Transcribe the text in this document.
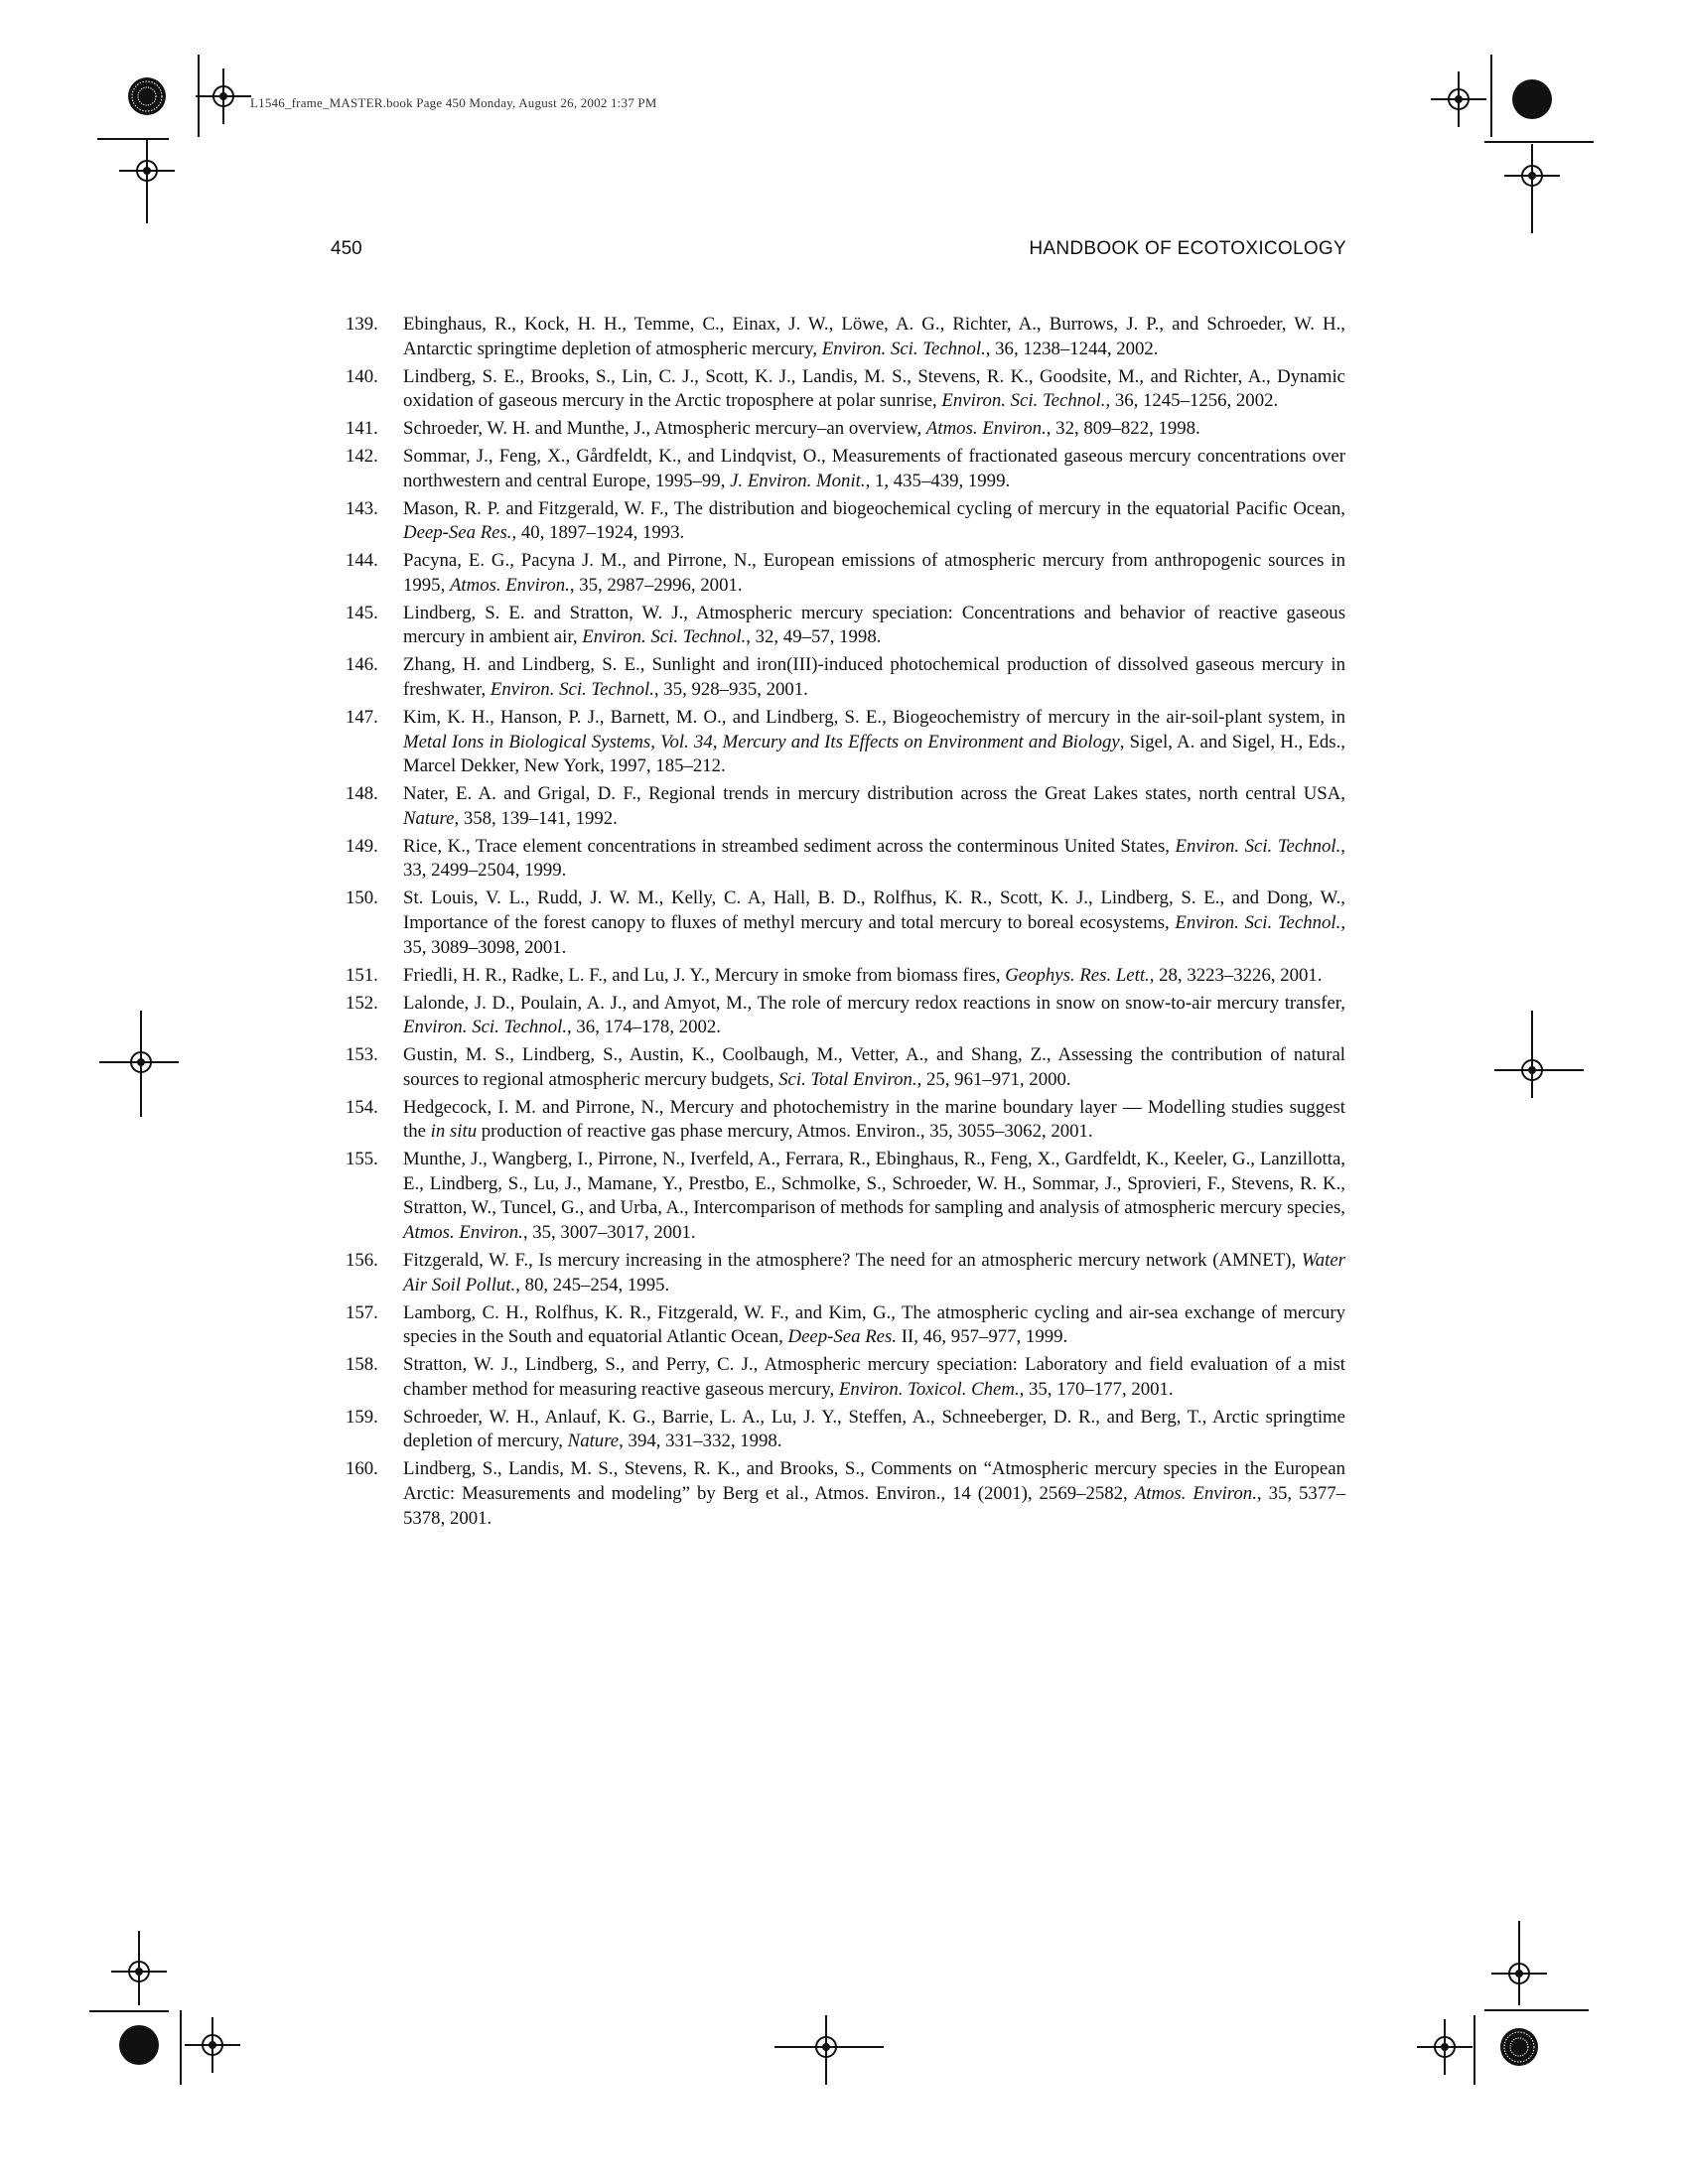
L1546_frame_MASTER.book Page 450 Monday, August 26, 2002 1:37 PM
450	HANDBOOK OF ECOTOXICOLOGY
139. Ebinghaus, R., Kock, H. H., Temme, C., Einax, J. W., Löwe, A. G., Richter, A., Burrows, J. P., and Schroeder, W. H., Antarctic springtime depletion of atmospheric mercury, Environ. Sci. Technol., 36, 1238–1244, 2002.
140. Lindberg, S. E., Brooks, S., Lin, C. J., Scott, K. J., Landis, M. S., Stevens, R. K., Goodsite, M., and Richter, A., Dynamic oxidation of gaseous mercury in the Arctic troposphere at polar sunrise, Environ. Sci. Technol., 36, 1245–1256, 2002.
141. Schroeder, W. H. and Munthe, J., Atmospheric mercury–an overview, Atmos. Environ., 32, 809–822, 1998.
142. Sommar, J., Feng, X., Gårdfeldt, K., and Lindqvist, O., Measurements of fractionated gaseous mercury concentrations over northwestern and central Europe, 1995–99, J. Environ. Monit., 1, 435–439, 1999.
143. Mason, R. P. and Fitzgerald, W. F., The distribution and biogeochemical cycling of mercury in the equatorial Pacific Ocean, Deep-Sea Res., 40, 1897–1924, 1993.
144. Pacyna, E. G., Pacyna J. M., and Pirrone, N., European emissions of atmospheric mercury from anthropogenic sources in 1995, Atmos. Environ., 35, 2987–2996, 2001.
145. Lindberg, S. E. and Stratton, W. J., Atmospheric mercury speciation: Concentrations and behavior of reactive gaseous mercury in ambient air, Environ. Sci. Technol., 32, 49–57, 1998.
146. Zhang, H. and Lindberg, S. E., Sunlight and iron(III)-induced photochemical production of dissolved gaseous mercury in freshwater, Environ. Sci. Technol., 35, 928–935, 2001.
147. Kim, K. H., Hanson, P. J., Barnett, M. O., and Lindberg, S. E., Biogeochemistry of mercury in the air-soil-plant system, in Metal Ions in Biological Systems, Vol. 34, Mercury and Its Effects on Environment and Biology, Sigel, A. and Sigel, H., Eds., Marcel Dekker, New York, 1997, 185–212.
148. Nater, E. A. and Grigal, D. F., Regional trends in mercury distribution across the Great Lakes states, north central USA, Nature, 358, 139–141, 1992.
149. Rice, K., Trace element concentrations in streambed sediment across the conterminous United States, Environ. Sci. Technol., 33, 2499–2504, 1999.
150. St. Louis, V. L., Rudd, J. W. M., Kelly, C. A, Hall, B. D., Rolfhus, K. R., Scott, K. J., Lindberg, S. E., and Dong, W., Importance of the forest canopy to fluxes of methyl mercury and total mercury to boreal ecosystems, Environ. Sci. Technol., 35, 3089–3098, 2001.
151. Friedli, H. R., Radke, L. F., and Lu, J. Y., Mercury in smoke from biomass fires, Geophys. Res. Lett., 28, 3223–3226, 2001.
152. Lalonde, J. D., Poulain, A. J., and Amyot, M., The role of mercury redox reactions in snow on snow-to-air mercury transfer, Environ. Sci. Technol., 36, 174–178, 2002.
153. Gustin, M. S., Lindberg, S., Austin, K., Coolbaugh, M., Vetter, A., and Shang, Z., Assessing the contribution of natural sources to regional atmospheric mercury budgets, Sci. Total Environ., 25, 961–971, 2000.
154. Hedgecock, I. M. and Pirrone, N., Mercury and photochemistry in the marine boundary layer — Modelling studies suggest the in situ production of reactive gas phase mercury, Atmos. Environ., 35, 3055–3062, 2001.
155. Munthe, J., Wangberg, I., Pirrone, N., Iverfeld, A., Ferrara, R., Ebinghaus, R., Feng, X., Gardfeldt, K., Keeler, G., Lanzillotta, E., Lindberg, S., Lu, J., Mamane, Y., Prestbo, E., Schmolke, S., Schroeder, W. H., Sommar, J., Sprovieri, F., Stevens, R. K., Stratton, W., Tuncel, G., and Urba, A., Intercomparison of methods for sampling and analysis of atmospheric mercury species, Atmos. Environ., 35, 3007–3017, 2001.
156. Fitzgerald, W. F., Is mercury increasing in the atmosphere? The need for an atmospheric mercury network (AMNET), Water Air Soil Pollut., 80, 245–254, 1995.
157. Lamborg, C. H., Rolfhus, K. R., Fitzgerald, W. F., and Kim, G., The atmospheric cycling and air-sea exchange of mercury species in the South and equatorial Atlantic Ocean, Deep-Sea Res. II, 46, 957–977, 1999.
158. Stratton, W. J., Lindberg, S., and Perry, C. J., Atmospheric mercury speciation: Laboratory and field evaluation of a mist chamber method for measuring reactive gaseous mercury, Environ. Toxicol. Chem., 35, 170–177, 2001.
159. Schroeder, W. H., Anlauf, K. G., Barrie, L. A., Lu, J. Y., Steffen, A., Schneeberger, D. R., and Berg, T., Arctic springtime depletion of mercury, Nature, 394, 331–332, 1998.
160. Lindberg, S., Landis, M. S., Stevens, R. K., and Brooks, S., Comments on “Atmospheric mercury species in the European Arctic: Measurements and modeling” by Berg et al., Atmos. Environ., 14 (2001), 2569–2582, Atmos. Environ., 35, 5377–5378, 2001.
